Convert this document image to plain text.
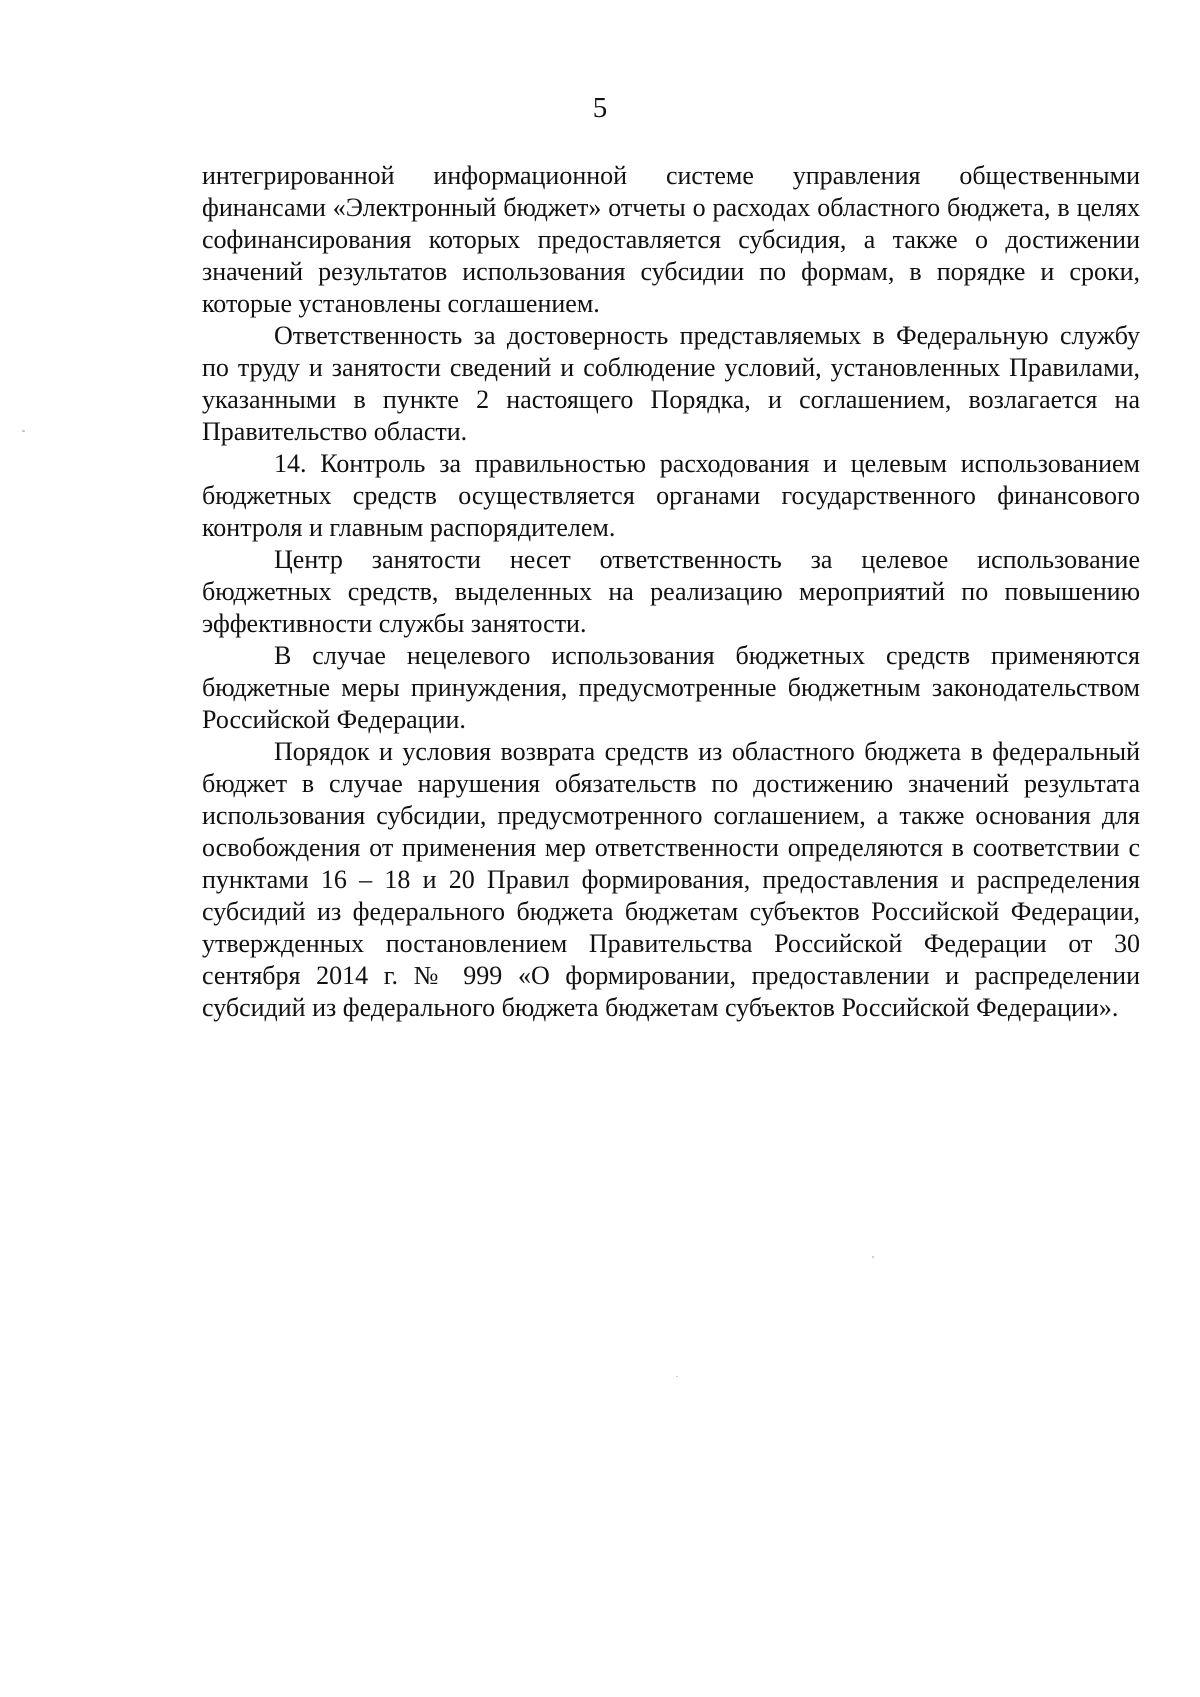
5

интегрированной информационной системе управления общественными финансами «Электронный бюджет» отчеты о расходах областного бюджета, в целях софинансирования которых предоставляется субсидия, а также о достижении значений результатов использования субсидии по формам, в порядке и сроки, которые установлены соглашением.

Ответственность за достоверность представляемых в Федеральную службу по труду и занятости сведений и соблюдение условий, установленных Правилами, указанными в пункте 2 настоящего Порядка, и соглашением, возлагается на Правительство области.

14. Контроль за правильностью расходования и целевым использованием бюджетных средств осуществляется органами государственного финансового контроля и главным распорядителем.

Центр занятости несет ответственность за целевое использование бюджетных средств, выделенных на реализацию мероприятий по повышению эффективности службы занятости.

В случае нецелевого использования бюджетных средств применяются бюджетные меры принуждения, предусмотренные бюджетным законодательством Российской Федерации.

Порядок и условия возврата средств из областного бюджета в федеральный бюджет в случае нарушения обязательств по достижению значений результата использования субсидии, предусмотренного соглашением, а также основания для освобождения от применения мер ответственности определяются в соответствии с пунктами 16 – 18 и 20 Правил формирования, предоставления и распределения субсидий из федерального бюджета бюджетам субъектов Российской Федерации, утвержденных постановлением Правительства Российской Федерации от 30 сентября 2014 г. № 999 «О формировании, предоставлении и распределении субсидий из федерального бюджета бюджетам субъектов Российской Федерации».
